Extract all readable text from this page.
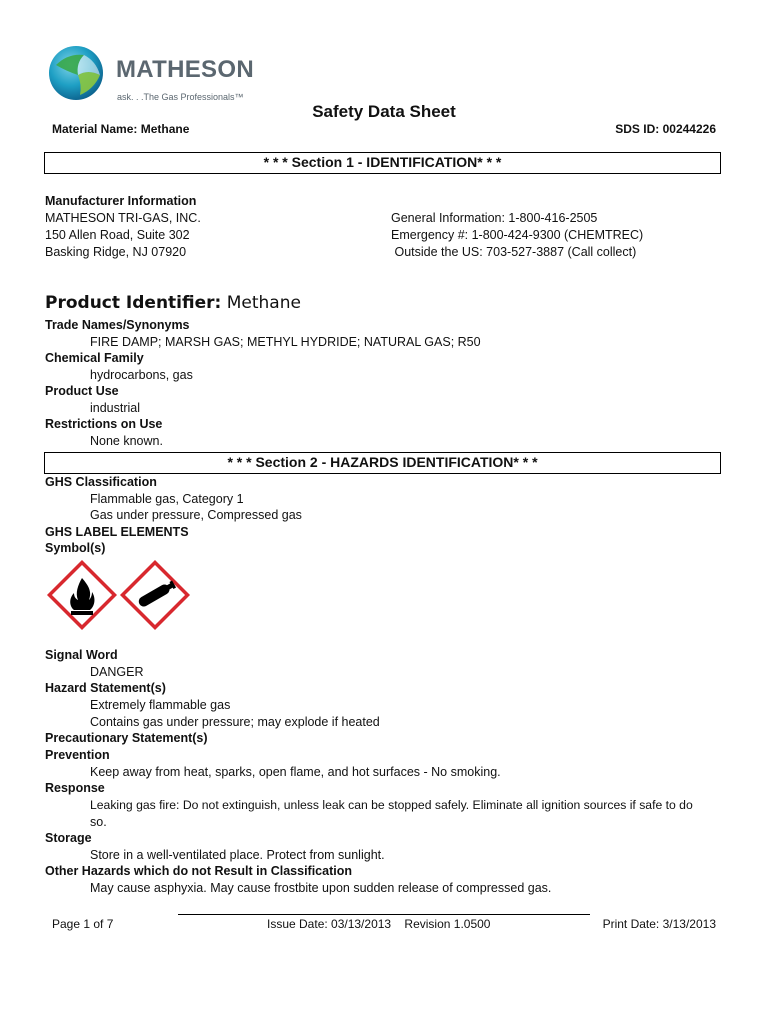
MATHESON
ask. . .The Gas Professionals™
Safety Data Sheet
Material Name: Methane	SDS ID: 00244226
* * * Section 1 - IDENTIFICATION* * *
Manufacturer Information
MATHESON TRI-GAS, INC.
150 Allen Road, Suite 302
Basking Ridge, NJ 07920
General Information: 1-800-416-2505
Emergency #: 1-800-424-9300 (CHEMTREC)
Outside the US: 703-527-3887 (Call collect)
Product Identifier: Methane
Trade Names/Synonyms
FIRE DAMP; MARSH GAS; METHYL HYDRIDE; NATURAL GAS; R50
Chemical Family
hydrocarbons, gas
Product Use
industrial
Restrictions on Use
None known.
* * * Section 2 - HAZARDS IDENTIFICATION* * *
GHS Classification
Flammable gas, Category 1
Gas under pressure, Compressed gas
GHS LABEL ELEMENTS
Symbol(s)
Signal Word
DANGER
Hazard Statement(s)
Extremely flammable gas
Contains gas under pressure; may explode if heated
Precautionary Statement(s)
Prevention
Keep away from heat, sparks, open flame, and hot surfaces - No smoking.
Response
Leaking gas fire: Do not extinguish, unless leak can be stopped safely. Eliminate all ignition sources if safe to do
so.
Storage
Store in a well-ventilated place. Protect from sunlight.
Other Hazards which do not Result in Classification
May cause asphyxia. May cause frostbite upon sudden release of compressed gas.
Page 1 of 7	Issue Date: 03/13/2013    Revision 1.0500	Print Date: 3/13/2013
